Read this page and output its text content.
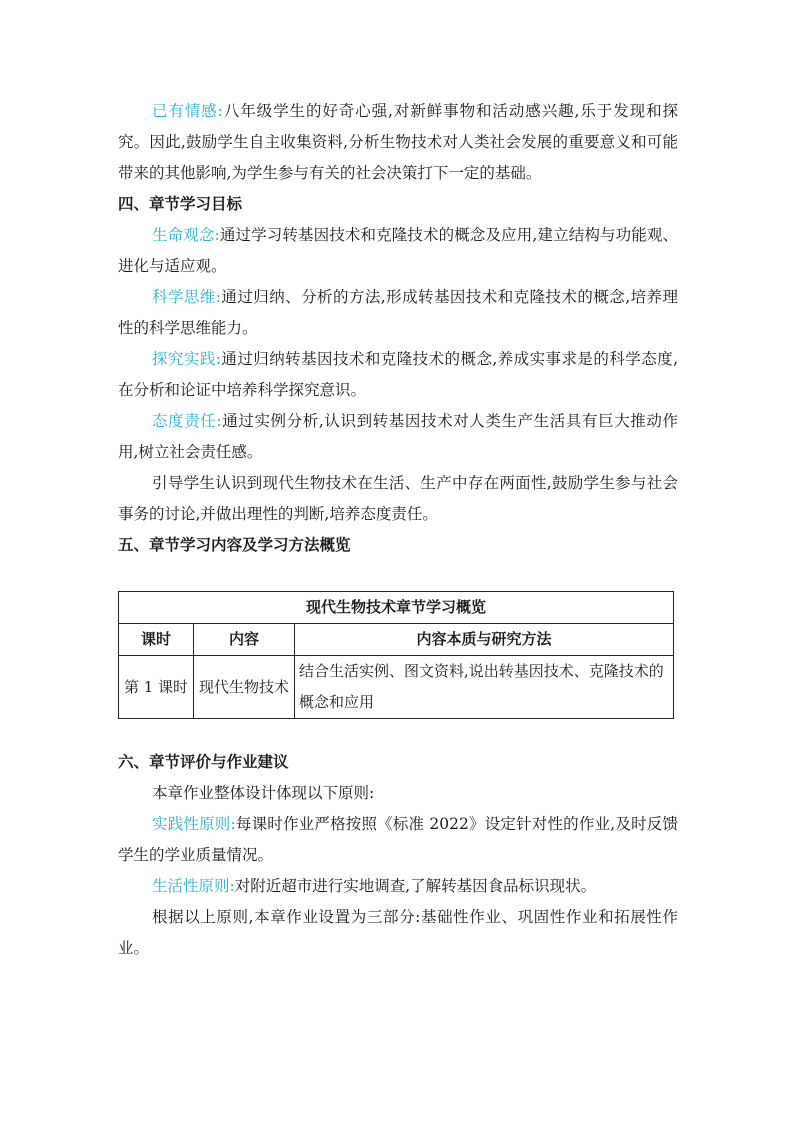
已有情感:八年级学生的好奇心强,对新鲜事物和活动感兴趣,乐于发现和探究。因此,鼓励学生自主收集资料,分析生物技术对人类社会发展的重要意义和可能带来的其他影响,为学生参与有关的社会决策打下一定的基础。

四、章节学习目标

生命观念:通过学习转基因技术和克隆技术的概念及应用,建立结构与功能观、进化与适应观。

科学思维:通过归纳、分析的方法,形成转基因技术和克隆技术的概念,培养理性的科学思维能力。

探究实践:通过归纳转基因技术和克隆技术的概念,养成实事求是的科学态度,在分析和论证中培养科学探究意识。

态度责任:通过实例分析,认识到转基因技术对人类生产生活具有巨大推动作用,树立社会责任感。

引导学生认识到现代生物技术在生活、生产中存在两面性,鼓励学生参与社会事务的讨论,并做出理性的判断,培养态度责任。

五、章节学习内容及学习方法概览
现代生物技术章节学习概览		
课时	内容	内容本质与研究方法
第 1 课时	现代生物技术	结合生活实例、图文资料,说出转基因技术、克隆技术的概念和应用
六、章节评价与作业建议

本章作业整体设计体现以下原则:

实践性原则:每课时作业严格按照《标准 2022》设定针对性的作业,及时反馈学生的学业质量情况。

生活性原则:对附近超市进行实地调查,了解转基因食品标识现状。

根据以上原则,本章作业设置为三部分:基础性作业、巩固性作业和拓展性作业。
